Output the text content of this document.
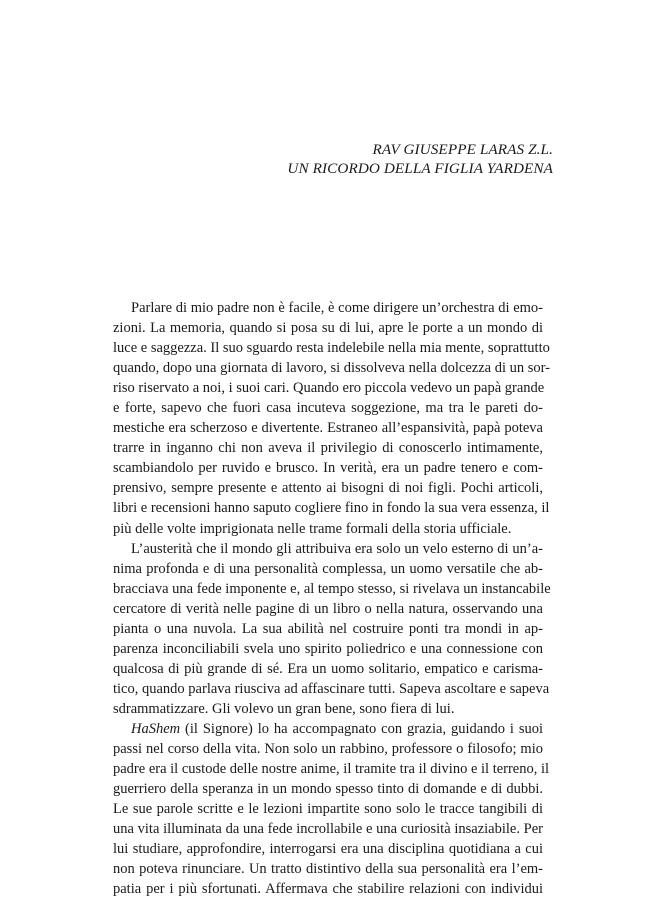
RAV GIUSEPPE LARAS Z.L.
UN RICORDO DELLA FIGLIA YARDENA
Parlare di mio padre non è facile, è come dirigere un’orchestra di emo-
zioni. La memoria, quando si posa su di lui, apre le porte a un mondo di
luce e saggezza. Il suo sguardo resta indelebile nella mia mente, soprattutto
quando, dopo una giornata di lavoro, si dissolveva nella dolcezza di un sor-
riso riservato a noi, i suoi cari. Quando ero piccola vedevo un papà grande
e forte, sapevo che fuori casa incuteva soggezione, ma tra le pareti do-
mestiche era scherzoso e divertente. Estraneo all’espansività, papà poteva
trarre in inganno chi non aveva il privilegio di conoscerlo intimamente,
scambiandolo per ruvido e brusco. In verità, era un padre tenero e com-
prensivo, sempre presente e attento ai bisogni di noi figli. Pochi articoli,
libri e recensioni hanno saputo cogliere fino in fondo la sua vera essenza, il
più delle volte imprigionata nelle trame formali della storia ufficiale.
L’austerità che il mondo gli attribuiva era solo un velo esterno di un’a-
nima profonda e di una personalità complessa, un uomo versatile che ab-
bracciava una fede imponente e, al tempo stesso, si rivelava un instancabile
cercatore di verità nelle pagine di un libro o nella natura, osservando una
pianta o una nuvola. La sua abilità nel costruire ponti tra mondi in ap-
parenza inconciliabili svela uno spirito poliedrico e una connessione con
qualcosa di più grande di sé. Era un uomo solitario, empatico e carisma-
tico, quando parlava riusciva ad affascinare tutti. Sapeva ascoltare e sapeva
sdrammatizzare. Gli volevo un gran bene, sono fiera di lui.
HaShem (il Signore) lo ha accompagnato con grazia, guidando i suoi
passi nel corso della vita. Non solo un rabbino, professore o filosofo; mio
padre era il custode delle nostre anime, il tramite tra il divino e il terreno, il
guerriero della speranza in un mondo spesso tinto di domande e di dubbi.
Le sue parole scritte e le lezioni impartite sono solo le tracce tangibili di
una vita illuminata da una fede incrollabile e una curiosità insaziabile. Per
lui studiare, approfondire, interrogarsi era una disciplina quotidiana a cui
non poteva rinunciare. Un tratto distintivo della sua personalità era l’em-
patia per i più sfortunati. Affermava che stabilire relazioni con individui
